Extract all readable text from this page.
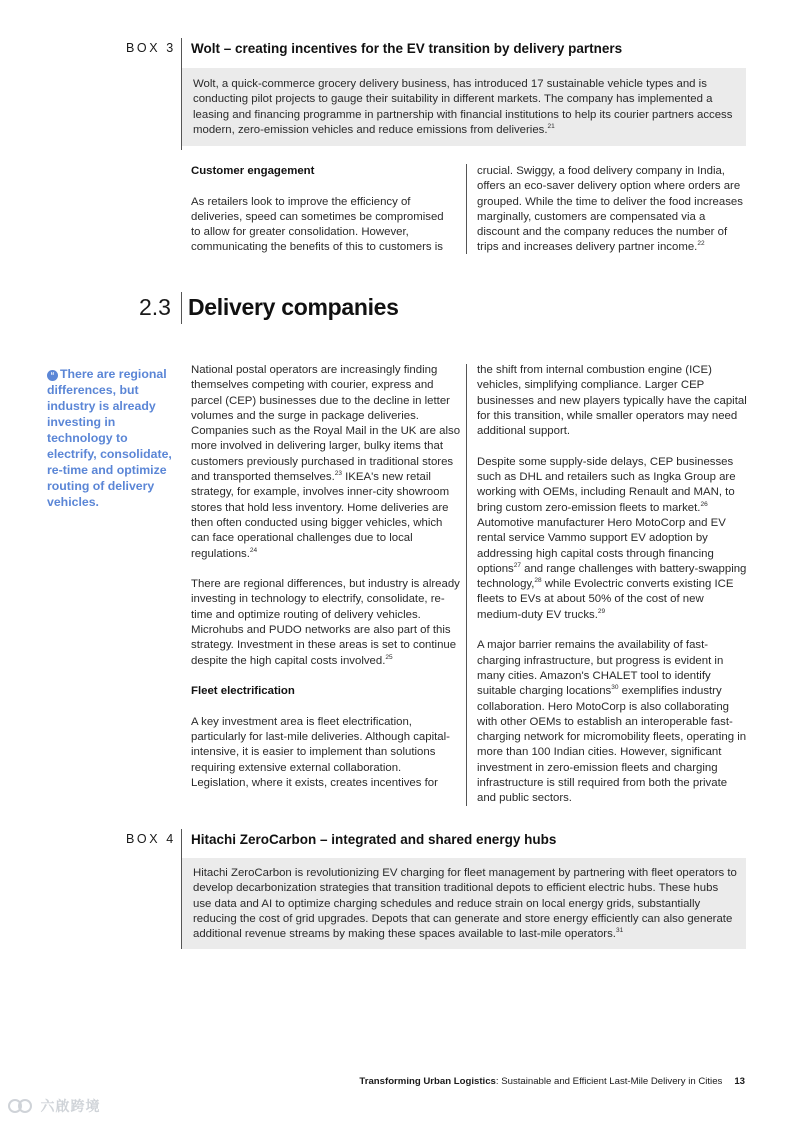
BOX 3 Wolt – creating incentives for the EV transition by delivery partners

Wolt, a quick-commerce grocery delivery business, has introduced 17 sustainable vehicle types and is conducting pilot projects to gauge their suitability in different markets. The company has implemented a leasing and financing programme in partnership with financial institutions to help its courier partners access modern, zero-emission vehicles and reduce emissions from deliveries.$^{21}$

Customer engagement

As retailers look to improve the efficiency of deliveries, speed can sometimes be compromised to allow for greater consolidation. However, communicating the benefits of this to customers is

crucial. Swiggy, a food delivery company in India, offers an eco-saver delivery option where orders are grouped. While the time to deliver the food increases marginally, customers are compensated via a discount and the company reduces the number of trips and increases delivery partner income.$^{22}$

2.3 Delivery companies
“ There are regional differences, but industry is already investing in technology to electrify, consolidate, re-time and optimize routing of delivery vehicles.

National postal operators are increasingly finding themselves competing with courier, express and parcel (CEP) businesses due to the decline in letter volumes and the surge in package deliveries. Companies such as the Royal Mail in the UK are also more involved in delivering larger, bulky items that customers previously purchased in traditional stores and transported themselves.$^{23}$ IKEA's new retail strategy, for example, involves inner-city showroom stores that hold less inventory. Home deliveries are then often conducted using bigger vehicles, which can face operational challenges due to local regulations.$^{24}$

There are regional differences, but industry is already investing in technology to electrify, consolidate, re-time and optimize routing of delivery vehicles. Microhubs and PUDO networks are also part of this strategy. Investment in these areas is set to continue despite the high capital costs involved.$^{25}$

Fleet electrification

A key investment area is fleet electrification, particularly for last-mile deliveries. Although capital-intensive, it is easier to implement than solutions requiring extensive external collaboration. Legislation, where it exists, creates incentives for

the shift from internal combustion engine (ICE) vehicles, simplifying compliance. Larger CEP businesses and new players typically have the capital for this transition, while smaller operators may need additional support.

Despite some supply-side delays, CEP businesses such as DHL and retailers such as Ingka Group are working with OEMs, including Renault and MAN, to bring custom zero-emission fleets to market.$^{26}$ Automotive manufacturer Hero MotoCorp and EV rental service Vammo support EV adoption by addressing high capital costs through financing options$^{27}$ and range challenges with battery-swapping technology,$^{28}$ while Evolectric converts existing ICE fleets to EVs at about 50% of the cost of new medium-duty EV trucks.$^{29}$

A major barrier remains the availability of fast-charging infrastructure, but progress is evident in many cities. Amazon's CHALET tool to identify suitable charging locations$^{30}$ exemplifies industry collaboration. Hero MotoCorp is also collaborating with other OEMs to establish an interoperable fast-charging network for micromobility fleets, operating in more than 100 Indian cities. However, significant investment in zero-emission fleets and charging infrastructure is still required from both the private and public sectors.

BOX 4 Hitachi ZeroCarbon – integrated and shared energy hubs

Hitachi ZeroCarbon is revolutionizing EV charging for fleet management by partnering with fleet operators to develop decarbonization strategies that transition traditional depots to efficient electric hubs. These hubs use data and AI to optimize charging schedules and reduce strain on local energy grids, substantially reducing the cost of grid upgrades. Depots that can generate and store energy efficiently can also generate additional revenue streams by making these spaces available to last-mile operators.$^{31}$

Transforming Urban Logistics: Sustainable and Efficient Last-Mile Delivery in Cities 13
六啟跨境
